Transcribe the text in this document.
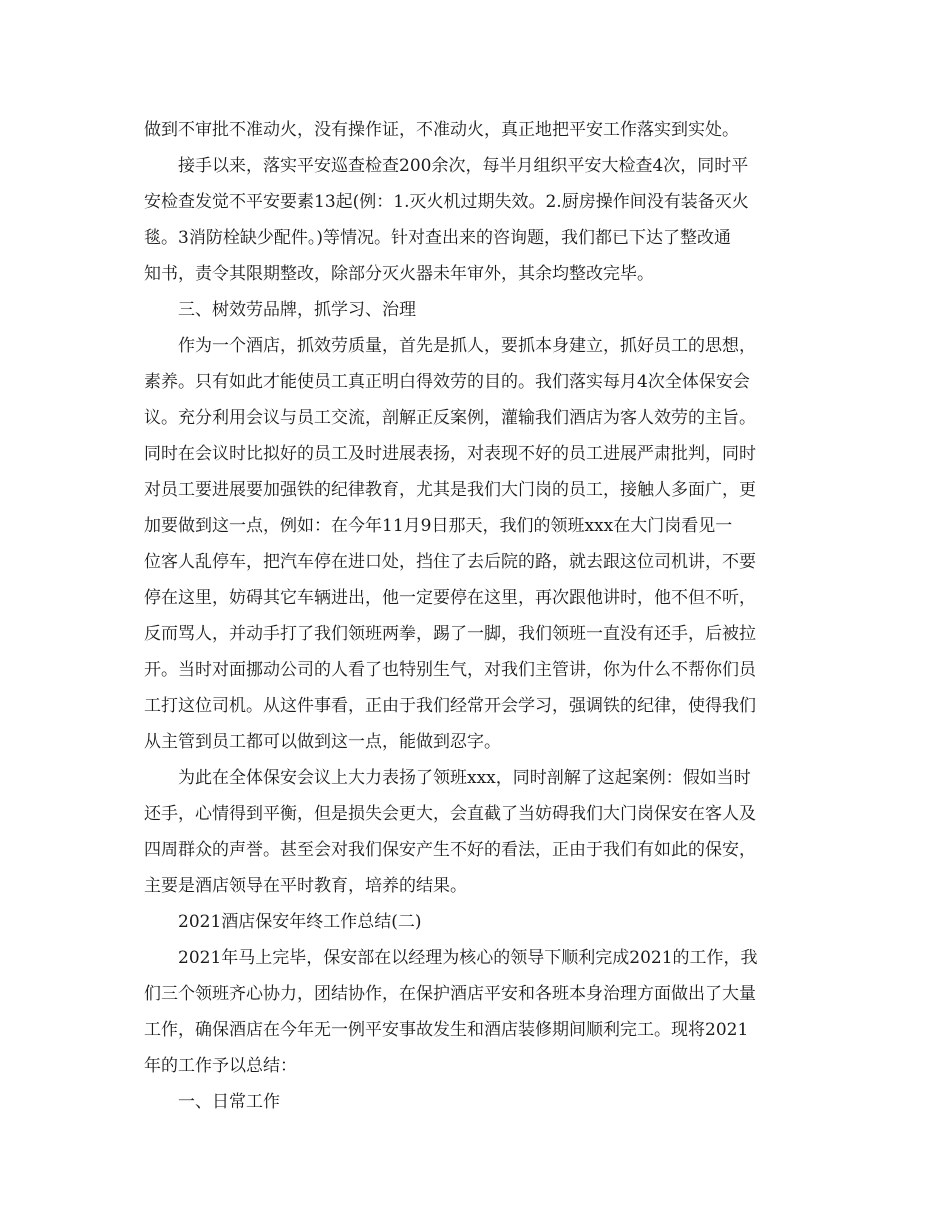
做到不审批不准动火，没有操作证，不准动火，真正地把平安工作落实到实处。
接手以来，落实平安巡查检查200余次，每半月组织平安大检查4次，同时平
安检查发觉不平安要素13起(例：1.灭火机过期失效。2.厨房操作间没有装备灭火
毯。3消防栓缺少配件。)等情况。针对查出来的咨询题，我们都已下达了整改通
知书，责令其限期整改，除部分灭火器未年审外，其余均整改完毕。
三、树效劳品牌，抓学习、治理
作为一个酒店，抓效劳质量，首先是抓人，要抓本身建立，抓好员工的思想，
素养。只有如此才能使员工真正明白得效劳的目的。我们落实每月4次全体保安会
议。充分利用会议与员工交流，剖解正反案例，灌输我们酒店为客人效劳的主旨。
同时在会议时比拟好的员工及时进展表扬，对表现不好的员工进展严肃批判，同时
对员工要进展要加强铁的纪律教育，尤其是我们大门岗的员工，接触人多面广，更
加要做到这一点，例如：在今年11月9日那天，我们的领班xxx在大门岗看见一
位客人乱停车，把汽车停在进口处，挡住了去后院的路，就去跟这位司机讲，不要
停在这里，妨碍其它车辆进出，他一定要停在这里，再次跟他讲时，他不但不听，
反而骂人，并动手打了我们领班两拳，踢了一脚，我们领班一直没有还手，后被拉
开。当时对面挪动公司的人看了也特别生气，对我们主管讲，你为什么不帮你们员
工打这位司机。从这件事看，正由于我们经常开会学习，强调铁的纪律，使得我们
从主管到员工都可以做到这一点，能做到忍字。
为此在全体保安会议上大力表扬了领班xxx，同时剖解了这起案例：假如当时
还手，心情得到平衡，但是损失会更大，会直截了当妨碍我们大门岗保安在客人及
四周群众的声誉。甚至会对我们保安产生不好的看法，正由于我们有如此的保安，
主要是酒店领导在平时教育，培养的结果。
2021酒店保安年终工作总结(二)
2021年马上完毕，保安部在以经理为核心的领导下顺利完成2021的工作，我
们三个领班齐心协力，团结协作，在保护酒店平安和各班本身治理方面做出了大量
工作，确保酒店在今年无一例平安事故发生和酒店装修期间顺利完工。现将2021
年的工作予以总结：
一、日常工作
